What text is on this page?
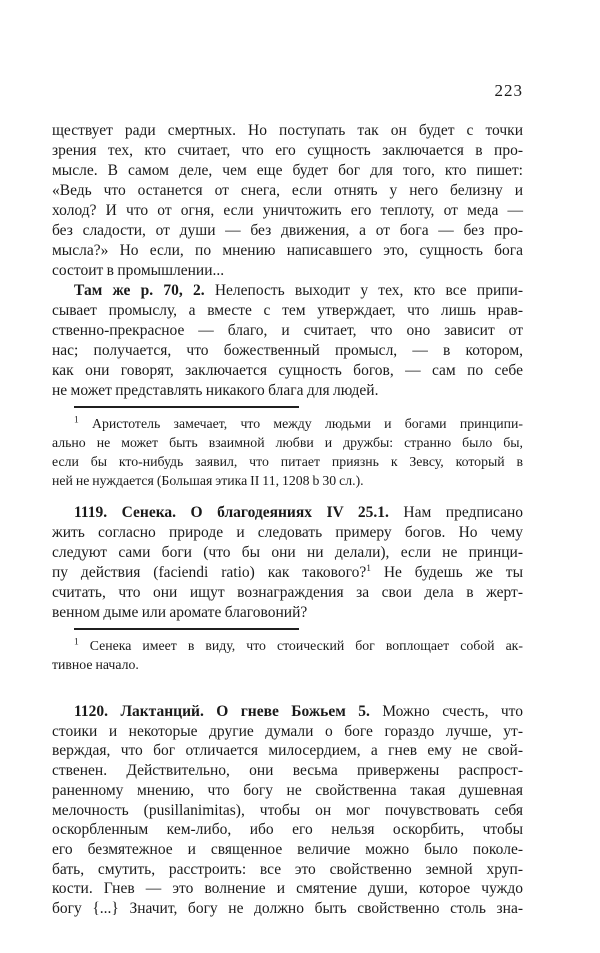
223
ществует ради смертных. Но поступать так он будет с точки
зрения тех, кто считает, что его сущность заключается в про-
мысле. В самом деле, чем еще будет бог для того, кто пишет:
«Ведь что останется от снега, если отнять у него белизну и
холод? И что от огня, если уничтожить его теплоту, от меда —
без сладости, от души — без движения, а от бога — без про-
мысла?» Но если, по мнению написавшего это, сущность бога
состоит в промышлении...
Там же p. 70, 2. Нелепость выходит у тех, кто все припи-
сывает промыслу, а вместе с тем утверждает, что лишь нрав-
ственно-прекрасное — благо, и считает, что оно зависит от
нас; получается, что божественный промысл, — в котором,
как они говорят, заключается сущность богов, — сам по себе
не может представлять никакого блага для людей.
$^1$ Аристотель замечает, что между людьми и богами принципи-
ально не может быть взаимной любви и дружбы: странно было бы,
если бы кто-нибудь заявил, что питает приязнь к Зевсу, который в
ней не нуждается (Большая этика II 11, 1208 b 30 сл.).
1119. Сенека. О благодеяниях IV 25.1. Нам предписано
жить согласно природе и следовать примеру богов. Но чему
следуют сами боги (что бы они ни делали), если не принци-
пу действия (faciendi ratio) как такового?$^1$ Не будешь же ты
считать, что они ищут вознаграждения за свои дела в жерт-
венном дыме или аромате благовоний?
$^1$ Сенека имеет в виду, что стоический бог воплощает собой ак-
тивное начало.
1120. Лактанций. О гневе Божьем 5. Можно счесть, что
стоики и некоторые другие думали о боге гораздо лучше, ут-
верждая, что бог отличается милосердием, а гнев ему не свой-
ственен. Действительно, они весьма привержены распрост-
раненному мнению, что богу не свойственна такая душевная
мелочность (pusillanimitas), чтобы он мог почувствовать себя
оскорбленным кем-либо, ибо его нельзя оскорбить, чтобы
его безмятежное и священное величие можно было поколе-
бать, смутить, расстроить: все это свойственно земной хруп-
кости. Гнев — это волнение и смятение души, которое чуждо
богу {...} Значит, богу не должно быть свойственно столь зна-
